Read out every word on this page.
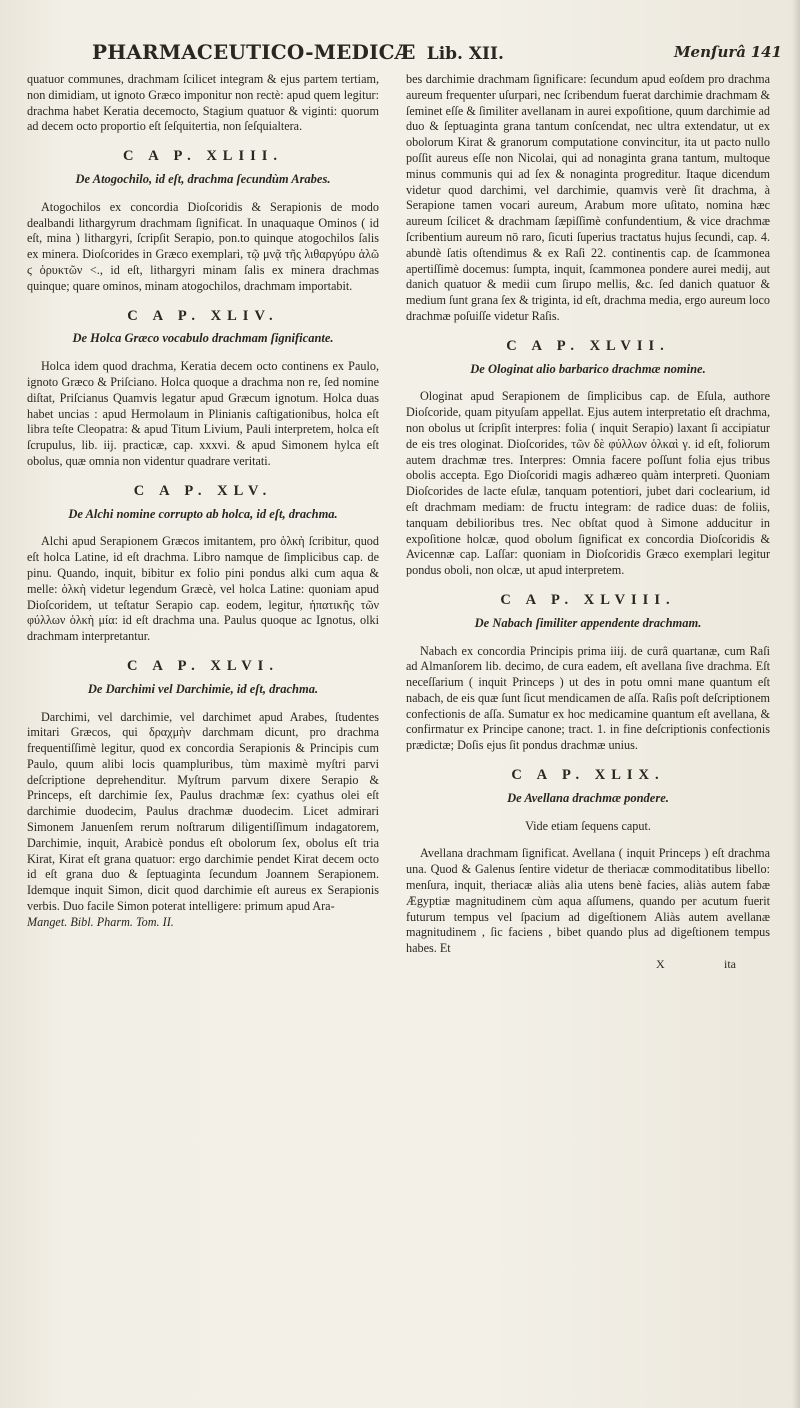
PHARMACEUTICO-MEDICÆ Lib. XII.	Menſurâ 141

quatuor communes, drachmam ſcilicet integram & ejus partem tertiam, non dimidiam, ut ignoto Græco imponitur non rectè: apud quem legitur: drachma habet Keratia decemocto, Stagium quatuor & viginti: quorum ad decem octo proportio eſt ſeſquitertia, non ſeſquialtera.

C A P. XLIII.
De Atogochilo, id eſt, drachma ſecundùm Arabes.

Atogochilos ex concordia Dioſcoridis & Serapionis de modo dealbandi lithargyrum drachmam ſignificat. In unaquaque Ominos ( id eſt, mina ) lithargyri, ſcripſit Serapio, pon.to quinque atogochilos ſalis ex minera. Dioſcorides in Græco exemplari, τῷ μνᾷ τῆς λιθαργύρυ ἁλῶ ϛ ὀρυκτῶν <., id eſt, lithargyri minam ſalis ex minera drachmas quinque; quare ominos, minam atogochilos, drachmam importabit.

C A P. XLIV.
De Holca Græco vocabulo drachmam ſignificante.

Holca idem quod drachma, Keratia decem octo continens ex Paulo, ignoto Græco & Priſciano. Holca quoque a drachma non re, ſed nomine diſtat, Priſcianus Quamvis legatur apud Græcum ignotum. Holca duas habet uncias : apud Hermolaum in Plinianis caſtigationibus, holca eſt libra teſte Cleopatra: & apud Titum Livium, Pauli interpretem, holca eſt ſcrupulus, lib. iij. practicæ, cap. xxxvi. & apud Simonem hylca eſt obolus, quæ omnia non videntur quadrare veritati.

C A P. XLV.
De Alchi nomine corrupto ab holca, id eſt, drachma.

Alchi apud Serapionem Græcos imitantem, pro ὁλκὴ ſcribitur, quod eſt holca Latine, id eſt drachma. Libro namque de ſimplicibus cap. de pinu. Quando, inquit, bibitur ex folio pini pondus alki cum aqua & melle: ὁλκὴ videtur legendum Græcè, vel holca Latine: quoniam apud Dioſcoridem, ut teſtatur Serapio cap. eodem, legitur, ἡπατικῆς τῶν φύλλων ὁλκὴ μία: id eſt drachma una. Paulus quoque ac Ignotus, olki drachmam interpretantur.

C A P. XLVI.
De Darchimi vel Darchimie, id eſt, drachma.

Darchimi, vel darchimie, vel darchimet apud Arabes, ſtudentes imitari Græcos, qui δραχμὴν darchmam dicunt, pro drachma frequentiſſimè legitur, quod ex concordia Serapionis & Principis cum Paulo, quum alibi locis quampluribus, tùm maximè myſtri parvi deſcriptione deprehenditur. Myſtrum parvum dixere Serapio & Princeps, eſt darchimie ſex, Paulus drachmæ ſex: cyathus olei eſt darchimie duodecim, Paulus drachmæ duodecim. Licet admirari Simonem Januenſem rerum noſtrarum diligentiſſimum indagatorem, Darchimie, inquit, Arabicè pondus eſt obolorum ſex, obolus eſt tria Kirat, Kirat eſt grana quatuor: ergo darchimie pendet Kirat decem octo id eſt grana duo & ſeptuaginta ſecundum Joannem Serapionem. Idemque inquit Simon, dicit quod darchimie eſt aureus ex Serapionis verbis. Duo facile Simon poterat intelligere: primum apud Ara-

Manget. Bibl. Pharm. Tom. II.

bes darchimie drachmam ſignificare: ſecundum apud eoſdem pro drachma aureum frequenter uſurpari, nec ſcribendum fuerat darchimie drachmam & ſeminet eſſe & ſimiliter avellanam in aurei expoſitione, quum darchimie ad duo & ſeptuaginta grana tantum conſcendat, nec ultra extendatur, ut ex obolorum Kirat & granorum computatione convincitur, ita ut pacto nullo poſſit aureus eſſe non Nicolai, qui ad nonaginta grana tantum, multoque minus communis qui ad ſex & nonaginta progreditur. Itaque dicendum videtur quod darchimi, vel darchimie, quamvis verè ſit drachma, à Serapione tamen vocari aureum, Arabum more uſitato, nomina hæc aureum ſcilicet & drachmam ſæpiſſimè confundentium, & vice drachmæ ſcribentium aureum nō raro, ſicuti ſuperius tractatus hujus ſecundi, cap. 4. abundè ſatis oſtendimus & ex Raſi 22. continentis cap. de ſcammonea apertiſſimè docemus: ſumpta, inquit, ſcammonea pondere aurei medij, aut danich quatuor & medii cum ſirupo mellis, &c. ſed danich quatuor & medium ſunt grana ſex & triginta, id eſt, drachma media, ergo aureum loco drachmæ poſuiſſe videtur Raſis.

C A P. XLVII.
De Ologinat alio barbarico drachmæ nomine.

Ologinat apud Serapionem de ſimplicibus cap. de Eſula, authore Dioſcoride, quam pityuſam appellat. Ejus autem interpretatio eſt drachma, non obolus ut ſcripſit interpres: folia ( inquit Serapio) laxant ſi accipiatur de eis tres ologinat. Dioſcorides, τῶν δὲ φύλλων ὁλκαὶ γ. id eſt, foliorum autem drachmæ tres. Interpres: Omnia facere poſſunt folia ejus tribus obolis accepta. Ego Dioſcoridi magis adhæreo quàm interpreti. Quoniam Dioſcorides de lacte eſulæ, tanquam potentiori, jubet dari coclearium, id eſt drachmam mediam: de fructu integram: de radice duas: de foliis, tanquam debilioribus tres. Nec obſtat quod à Simone adducitur in expoſitione holcæ, quod obolum ſignificat ex concordia Dioſcoridis & Avicennæ cap. Laſſar: quoniam in Dioſcoridis Græco exemplari legitur pondus oboli, non olcæ, ut apud interpretem.

C A P. XLVIII.
De Nabach ſimiliter appendente drachmam.

Nabach ex concordia Principis prima iiij. de curâ quartanæ, cum Raſi ad Almanſorem lib. decimo, de cura eadem, eſt avellana ſive drachma. Eſt neceſſarium ( inquit Princeps ) ut des in potu omni mane quantum eſt nabach, de eis quæ ſunt ſicut mendicamen de aſſa. Raſis poſt deſcriptionem confectionis de aſſa. Sumatur ex hoc medicamine quantum eſt avellana, & confirmatur ex Principe canone; tract. 1. in fine deſcriptionis confectionis prædictæ; Doſis ejus ſit pondus drachmæ unius.

C A P. XLIX.
De Avellana drachmæ pondere.

Vide etiam ſequens caput.

Avellana drachmam ſignificat. Avellana ( inquit Princeps ) eſt drachma una. Quod & Galenus ſentire videtur de theriacæ commoditatibus libello: menſura, inquit, theriacæ aliàs alia utens benè facies, aliàs autem fabæ Ægyptiæ magnitudinem cùm aqua aſſumens, quando per acutum fuerit futurum tempus vel ſpacium ad digeſtionem Aliàs autem avellanæ magnitudinem , ſic faciens , bibet quando plus ad digeſtionem tempus habes. Et

X	ita
